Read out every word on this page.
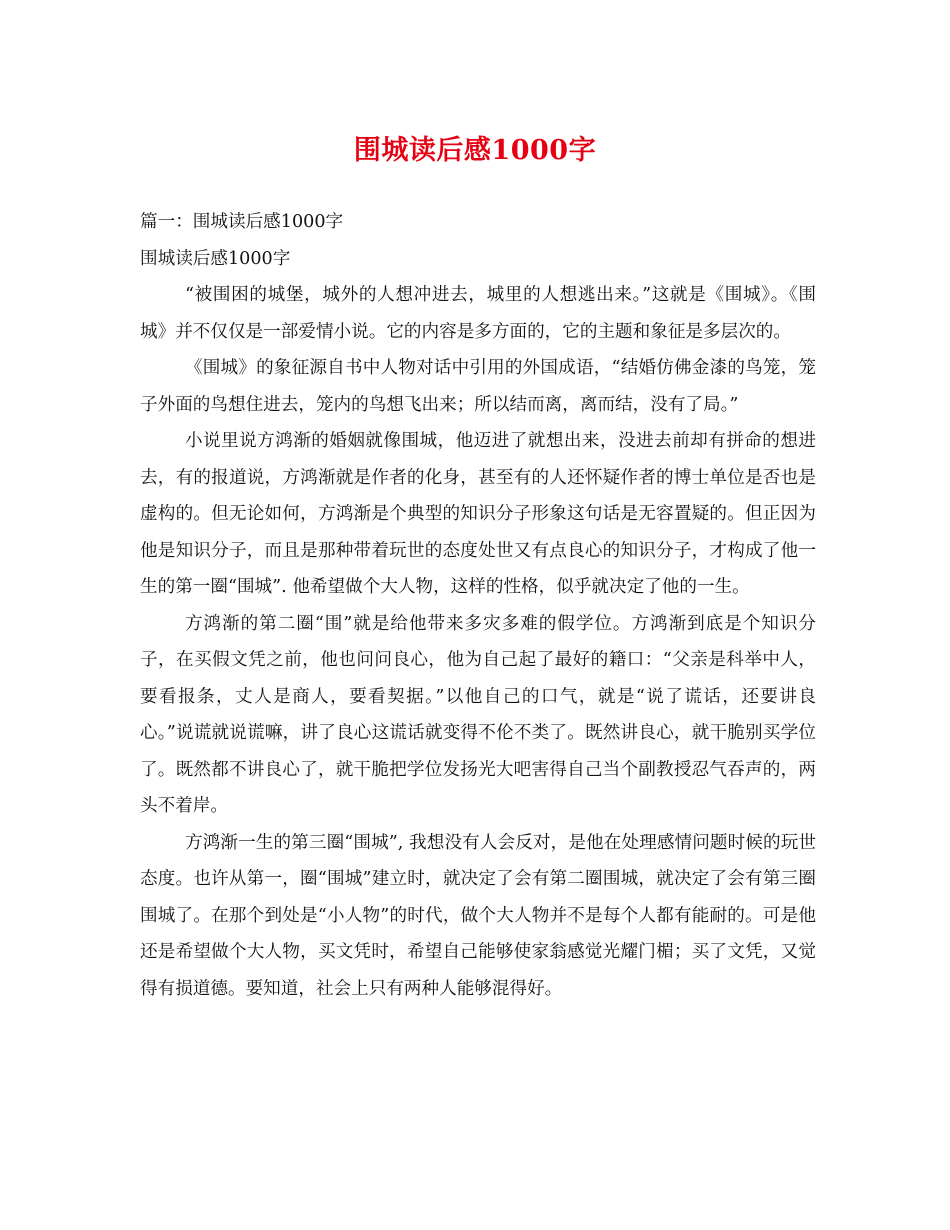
围城读后感1000字

篇一：围城读后感1000字

围城读后感1000字

“被围困的城堡，城外的人想冲进去，城里的人想逃出来。”这就是《围城》。《围城》并不仅仅是一部爱情小说。它的内容是多方面的，它的主题和象征是多层次的。

《围城》的象征源自书中人物对话中引用的外国成语，“结婚仿佛金漆的鸟笼，笼子外面的鸟想住进去，笼内的鸟想飞出来；所以结而离，离而结，没有了局。”

小说里说方鸿渐的婚姻就像围城，他迈进了就想出来，没进去前却有拼命的想进去，有的报道说，方鸿渐就是作者的化身，甚至有的人还怀疑作者的博士单位是否也是虚构的。但无论如何，方鸿渐是个典型的知识分子形象这句话是无容置疑的。但正因为他是知识分子，而且是那种带着玩世的态度处世又有点良心的知识分子，才构成了他一生的第一圈“围城”. 他希望做个大人物，这样的性格，似乎就决定了他的一生。

方鸿渐的第二圈“围”就是给他带来多灾多难的假学位。方鸿渐到底是个知识分子，在买假文凭之前，他也问问良心，他为自己起了最好的籍口：“父亲是科举中人，要看报条，丈人是商人，要看契据。”以他自己的口气，就是“说了谎话，还要讲良心。”说谎就说谎嘛，讲了良心这谎话就变得不伦不类了。既然讲良心，就干脆别买学位了。既然都不讲良心了，就干脆把学位发扬光大吧害得自己当个副教授忍气吞声的，两头不着岸。

方鸿渐一生的第三圈“围城”, 我想没有人会反对，是他在处理感情问题时候的玩世态度。也许从第一，圈“围城”建立时，就决定了会有第二圈围城，就决定了会有第三圈围城了。在那个到处是“小人物”的时代，做个大人物并不是每个人都有能耐的。可是他还是希望做个大人物，买文凭时，希望自己能够使家翁感觉光耀门楣；买了文凭，又觉得有损道德。要知道，社会上只有两种人能够混得好。
